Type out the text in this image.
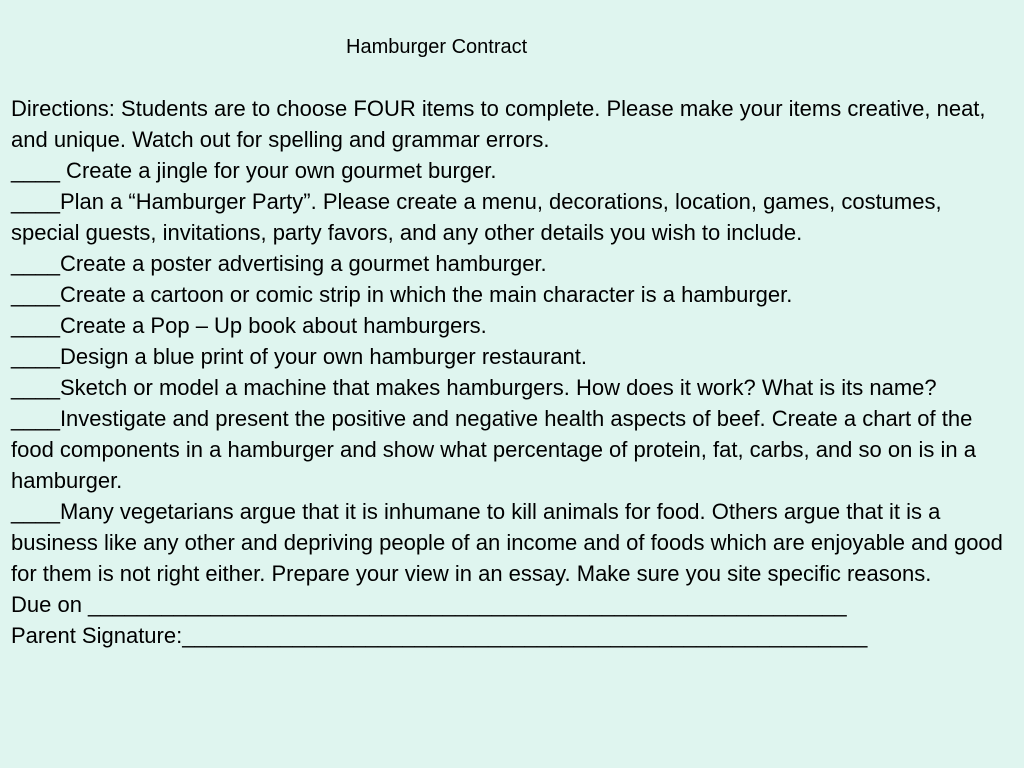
Hamburger Contract

Directions: Students are to choose FOUR items to complete. Please make your items creative, neat, and unique. Watch out for spelling and grammar errors.

____ Create a jingle for your own gourmet burger.

____Plan a “Hamburger Party”. Please create a menu, decorations, location, games, costumes, special guests, invitations, party favors, and any other details you wish to include.

____Create a poster advertising a gourmet hamburger.

____Create a cartoon or comic strip in which the main character is a hamburger.

____Create a Pop – Up book about hamburgers.

____Design a blue print of your own hamburger restaurant.

____Sketch or model a machine that makes hamburgers. How does it work? What is its name?

____Investigate and present the positive and negative health aspects of beef. Create a chart of the food components in a hamburger and show what percentage of protein, fat, carbs, and so on is in a hamburger.

____Many vegetarians argue that it is inhumane to kill animals for food. Others argue that it is a business like any other and depriving people of an income and of foods which are enjoyable and good for them is not right either. Prepare your view in an essay. Make sure you site specific reasons.

Due on ______________________________________________________________

Parent Signature:________________________________________________________
